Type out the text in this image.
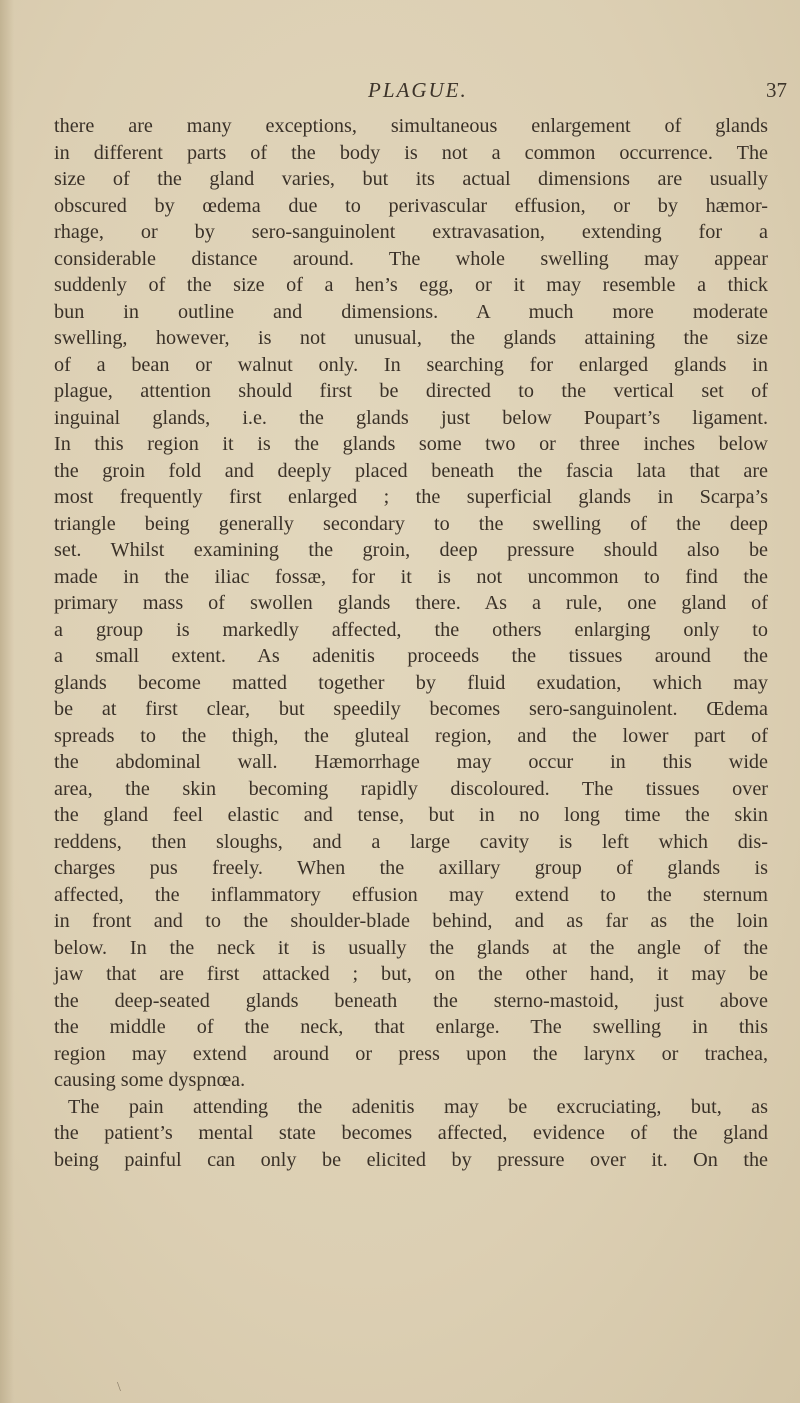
PLAGUE.	37
there are many exceptions, simultaneous enlargement of glands
in different parts of the body is not a common occurrence. The
size of the gland varies, but its actual dimensions are usually
obscured by œdema due to perivascular effusion, or by hæmor-
rhage, or by sero-sanguinolent extravasation, extending for a
considerable distance around. The whole swelling may appear
suddenly of the size of a hen’s egg, or it may resemble a thick
bun in outline and dimensions. A much more moderate
swelling, however, is not unusual, the glands attaining the size
of a bean or walnut only. In searching for enlarged glands in
plague, attention should first be directed to the vertical set of
inguinal glands, i.e. the glands just below Poupart’s ligament.
In this region it is the glands some two or three inches below
the groin fold and deeply placed beneath the fascia lata that are
most frequently first enlarged ; the superficial glands in Scarpa’s
triangle being generally secondary to the swelling of the deep
set. Whilst examining the groin, deep pressure should also be
made in the iliac fossæ, for it is not uncommon to find the
primary mass of swollen glands there. As a rule, one gland of
a group is markedly affected, the others enlarging only to
a small extent. As adenitis proceeds the tissues around the
glands become matted together by fluid exudation, which may
be at first clear, but speedily becomes sero-sanguinolent. Œdema
spreads to the thigh, the gluteal region, and the lower part of
the abdominal wall. Hæmorrhage may occur in this wide
area, the skin becoming rapidly discoloured. The tissues over
the gland feel elastic and tense, but in no long time the skin
reddens, then sloughs, and a large cavity is left which dis-
charges pus freely. When the axillary group of glands is
affected, the inflammatory effusion may extend to the sternum
in front and to the shoulder-blade behind, and as far as the loin
below. In the neck it is usually the glands at the angle of the
jaw that are first attacked ; but, on the other hand, it may be
the deep-seated glands beneath the sterno-mastoid, just above
the middle of the neck, that enlarge. The swelling in this
region may extend around or press upon the larynx or trachea,
causing some dyspnœa.
The pain attending the adenitis may be excruciating, but, as
the patient’s mental state becomes affected, evidence of the gland
being painful can only be elicited by pressure over it. On the
\
